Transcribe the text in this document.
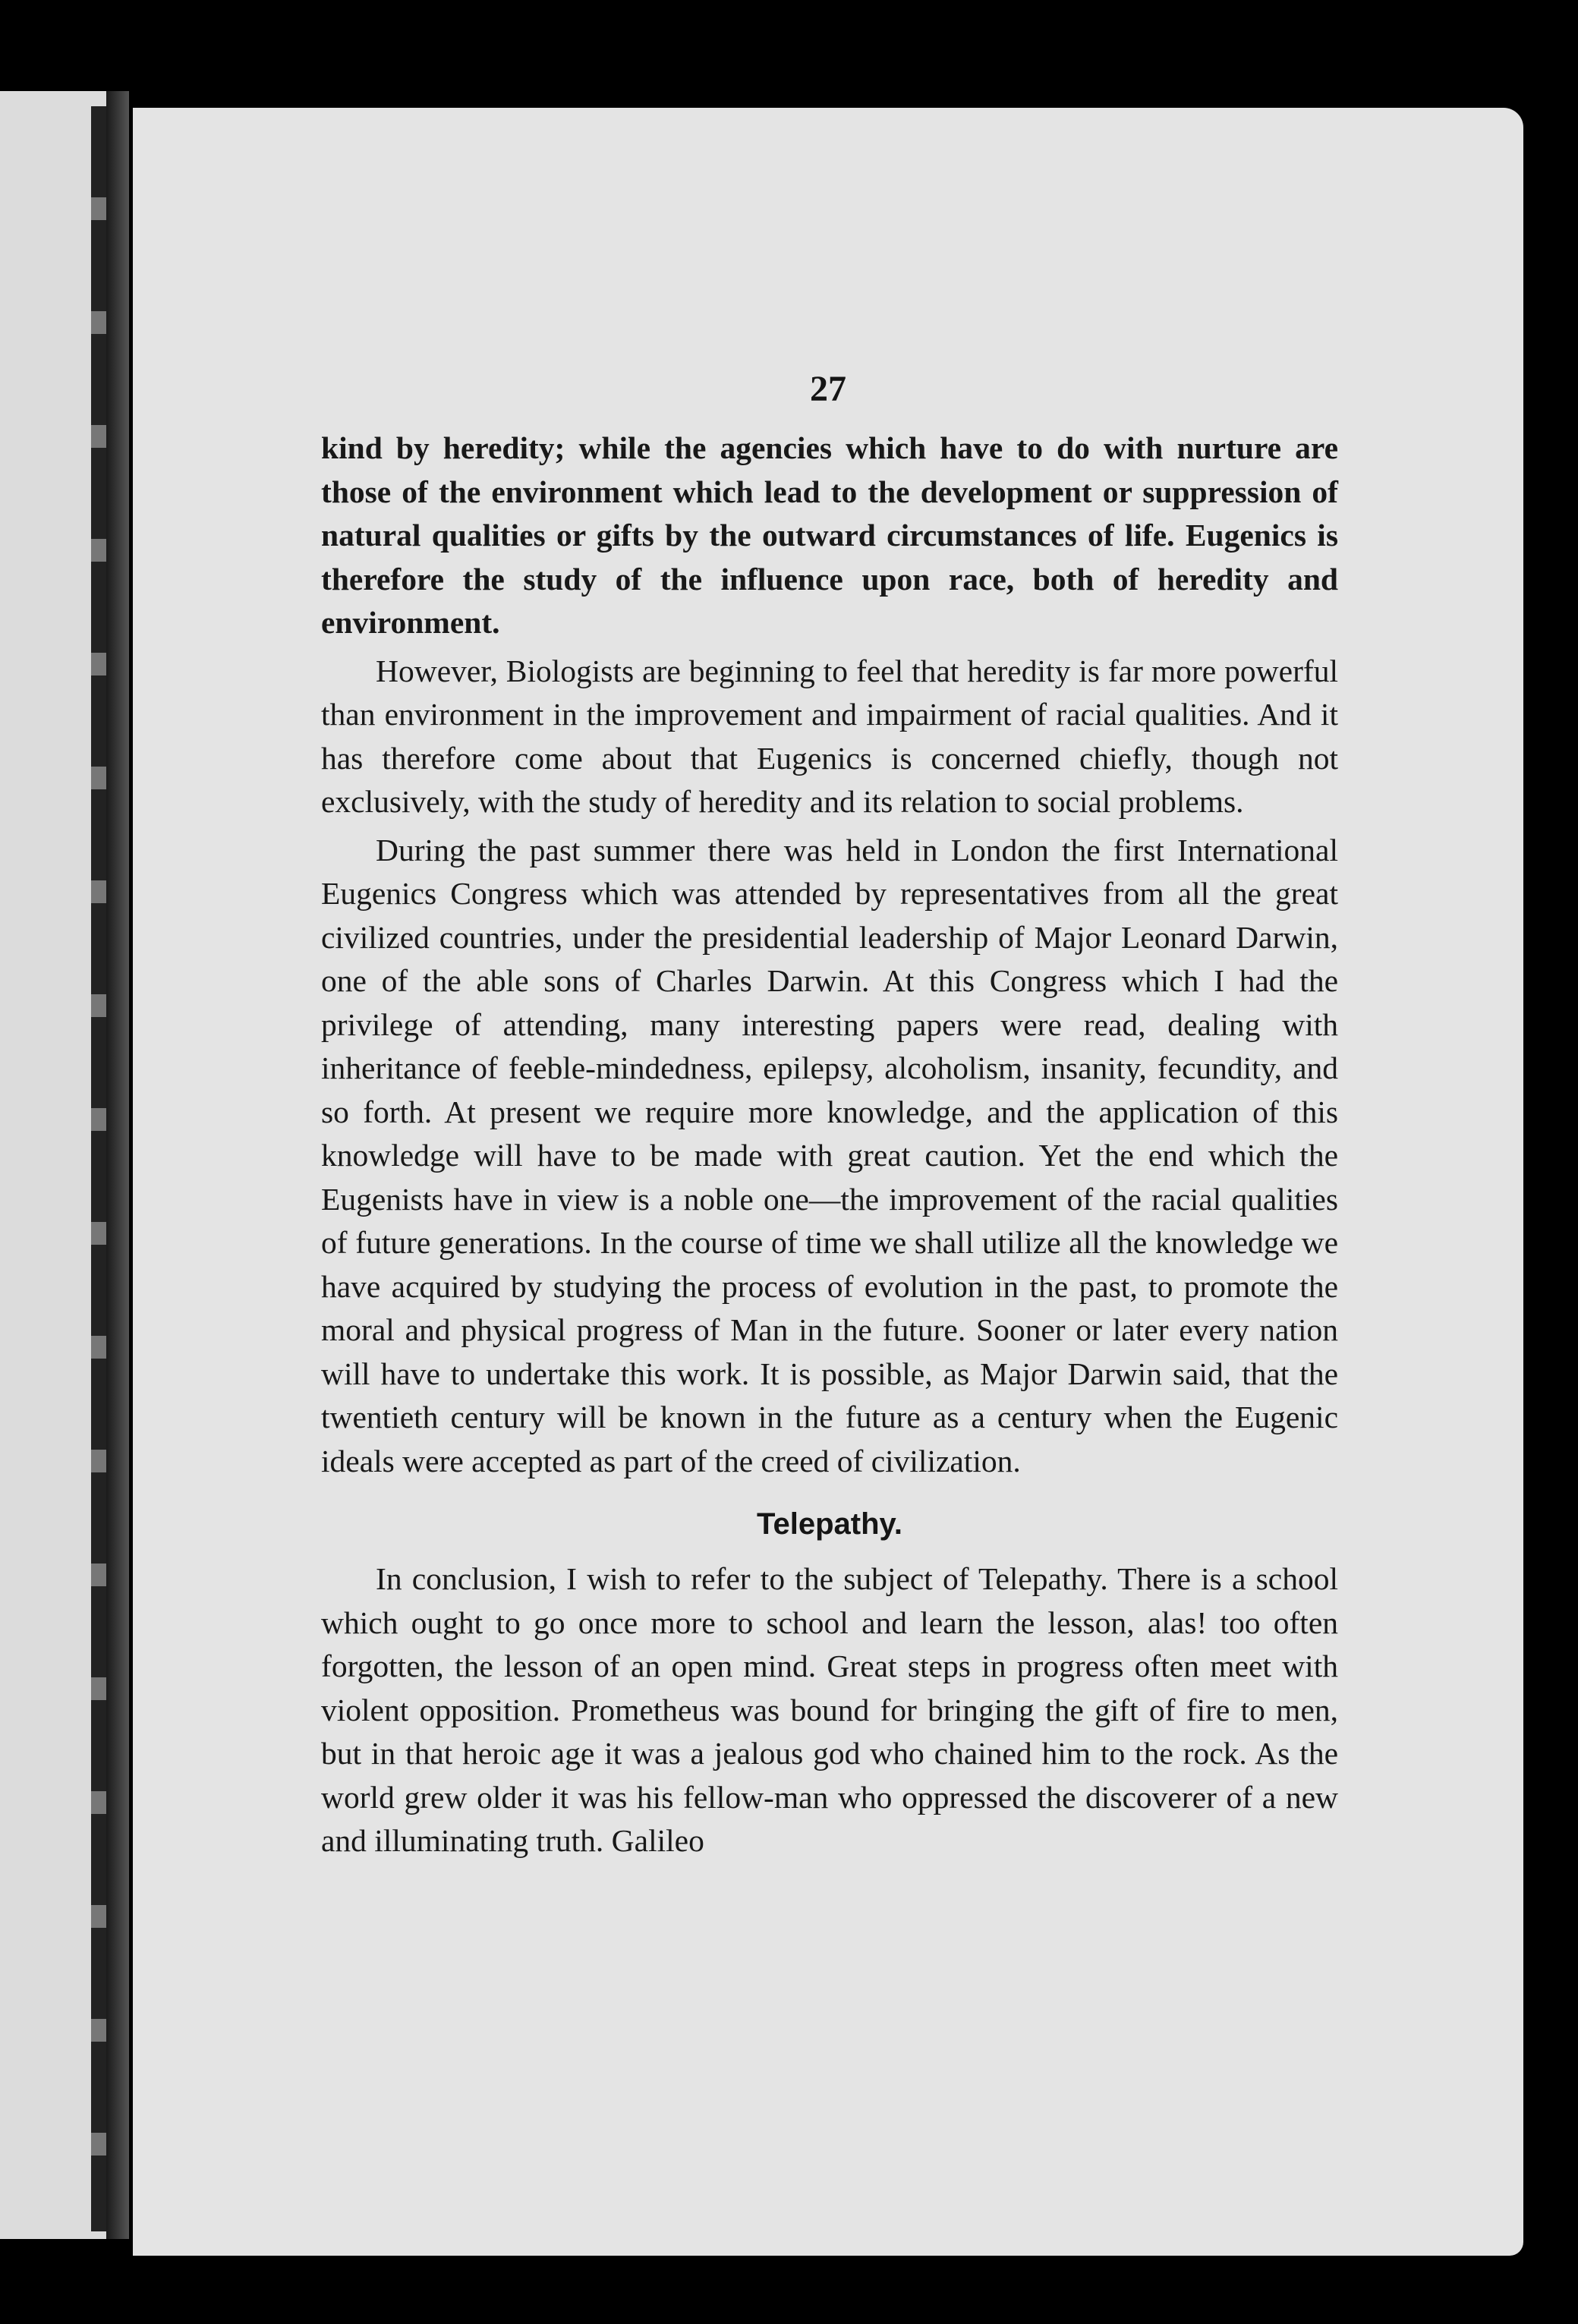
27

kind by heredity; while the agencies which have to do with nurture are those of the environment which lead to the development or suppression of natural qualities or gifts by the outward circumstances of life. Eugenics is therefore the study of the influence upon race, both of heredity and environment.

However, Biologists are beginning to feel that heredity is far more powerful than environment in the improvement and impairment of racial qualities. And it has therefore come about that Eugenics is concerned chiefly, though not exclusively, with the study of heredity and its relation to social problems.

During the past summer there was held in London the first International Eugenics Congress which was attended by representatives from all the great civilized countries, under the presidential leadership of Major Leonard Darwin, one of the able sons of Charles Darwin. At this Congress which I had the privilege of attending, many interesting papers were read, dealing with inheritance of feeble-mindedness, epilepsy, alcoholism, insanity, fecundity, and so forth. At present we require more knowledge, and the application of this knowledge will have to be made with great caution. Yet the end which the Eugenists have in view is a noble one—the improvement of the racial qualities of future generations. In the course of time we shall utilize all the knowledge we have acquired by studying the process of evolution in the past, to promote the moral and physical progress of Man in the future. Sooner or later every nation will have to undertake this work. It is possible, as Major Darwin said, that the twentieth century will be known in the future as a century when the Eugenic ideals were accepted as part of the creed of civilization.

Telepathy.

In conclusion, I wish to refer to the subject of Telepathy. There is a school which ought to go once more to school and learn the lesson, alas! too often forgotten, the lesson of an open mind. Great steps in progress often meet with violent opposition. Prometheus was bound for bringing the gift of fire to men, but in that heroic age it was a jealous god who chained him to the rock. As the world grew older it was his fellow-man who oppressed the discoverer of a new and illuminating truth. Galileo
